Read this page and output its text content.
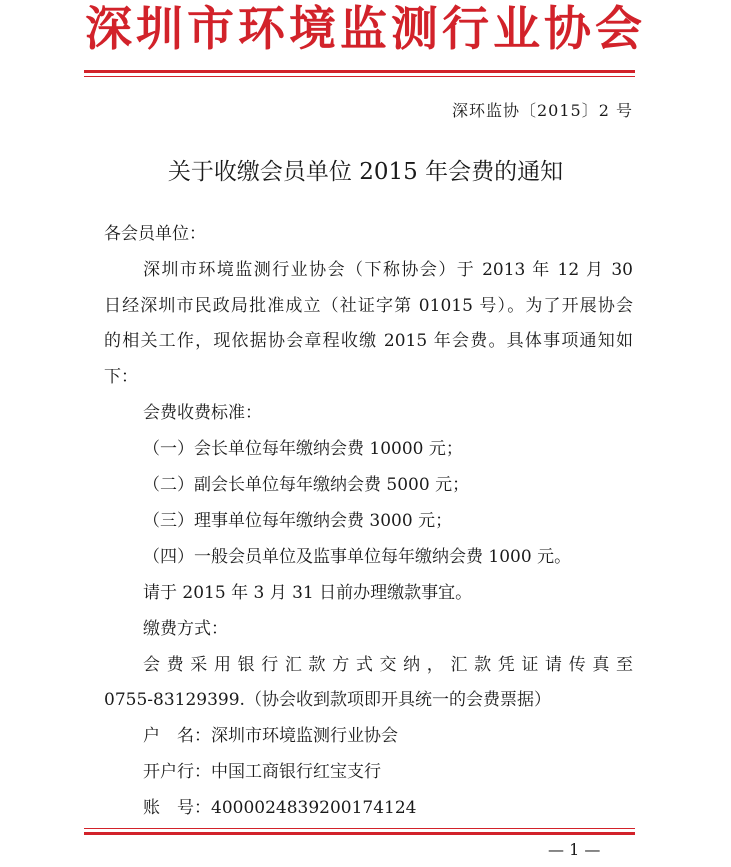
深圳市环境监测行业协会
深环监协〔2015〕2 号
关于收缴会员单位 2015 年会费的通知
各会员单位：
深圳市环境监测行业协会（下称协会）于 2013 年 12 月 30
日经深圳市民政局批准成立（社证字第 01015 号）。为了开展协会
的相关工作，现依据协会章程收缴 2015 年会费。具体事项通知如
下：
会费收费标准：
（一）会长单位每年缴纳会费 10000 元；
（二）副会长单位每年缴纳会费 5000 元；
（三）理事单位每年缴纳会费 3000 元；
（四）一般会员单位及监事单位每年缴纳会费 1000 元。
请于 2015 年 3 月 31 日前办理缴款事宜。
缴费方式：
会费采用银行汇款方式交纳，汇款凭证请传真至
0755-83129399.（协会收到款项即开具统一的会费票据）
户　名：深圳市环境监测行业协会
开户行：中国工商银行红宝支行
账　号：4000024839200174124
— 1 —
